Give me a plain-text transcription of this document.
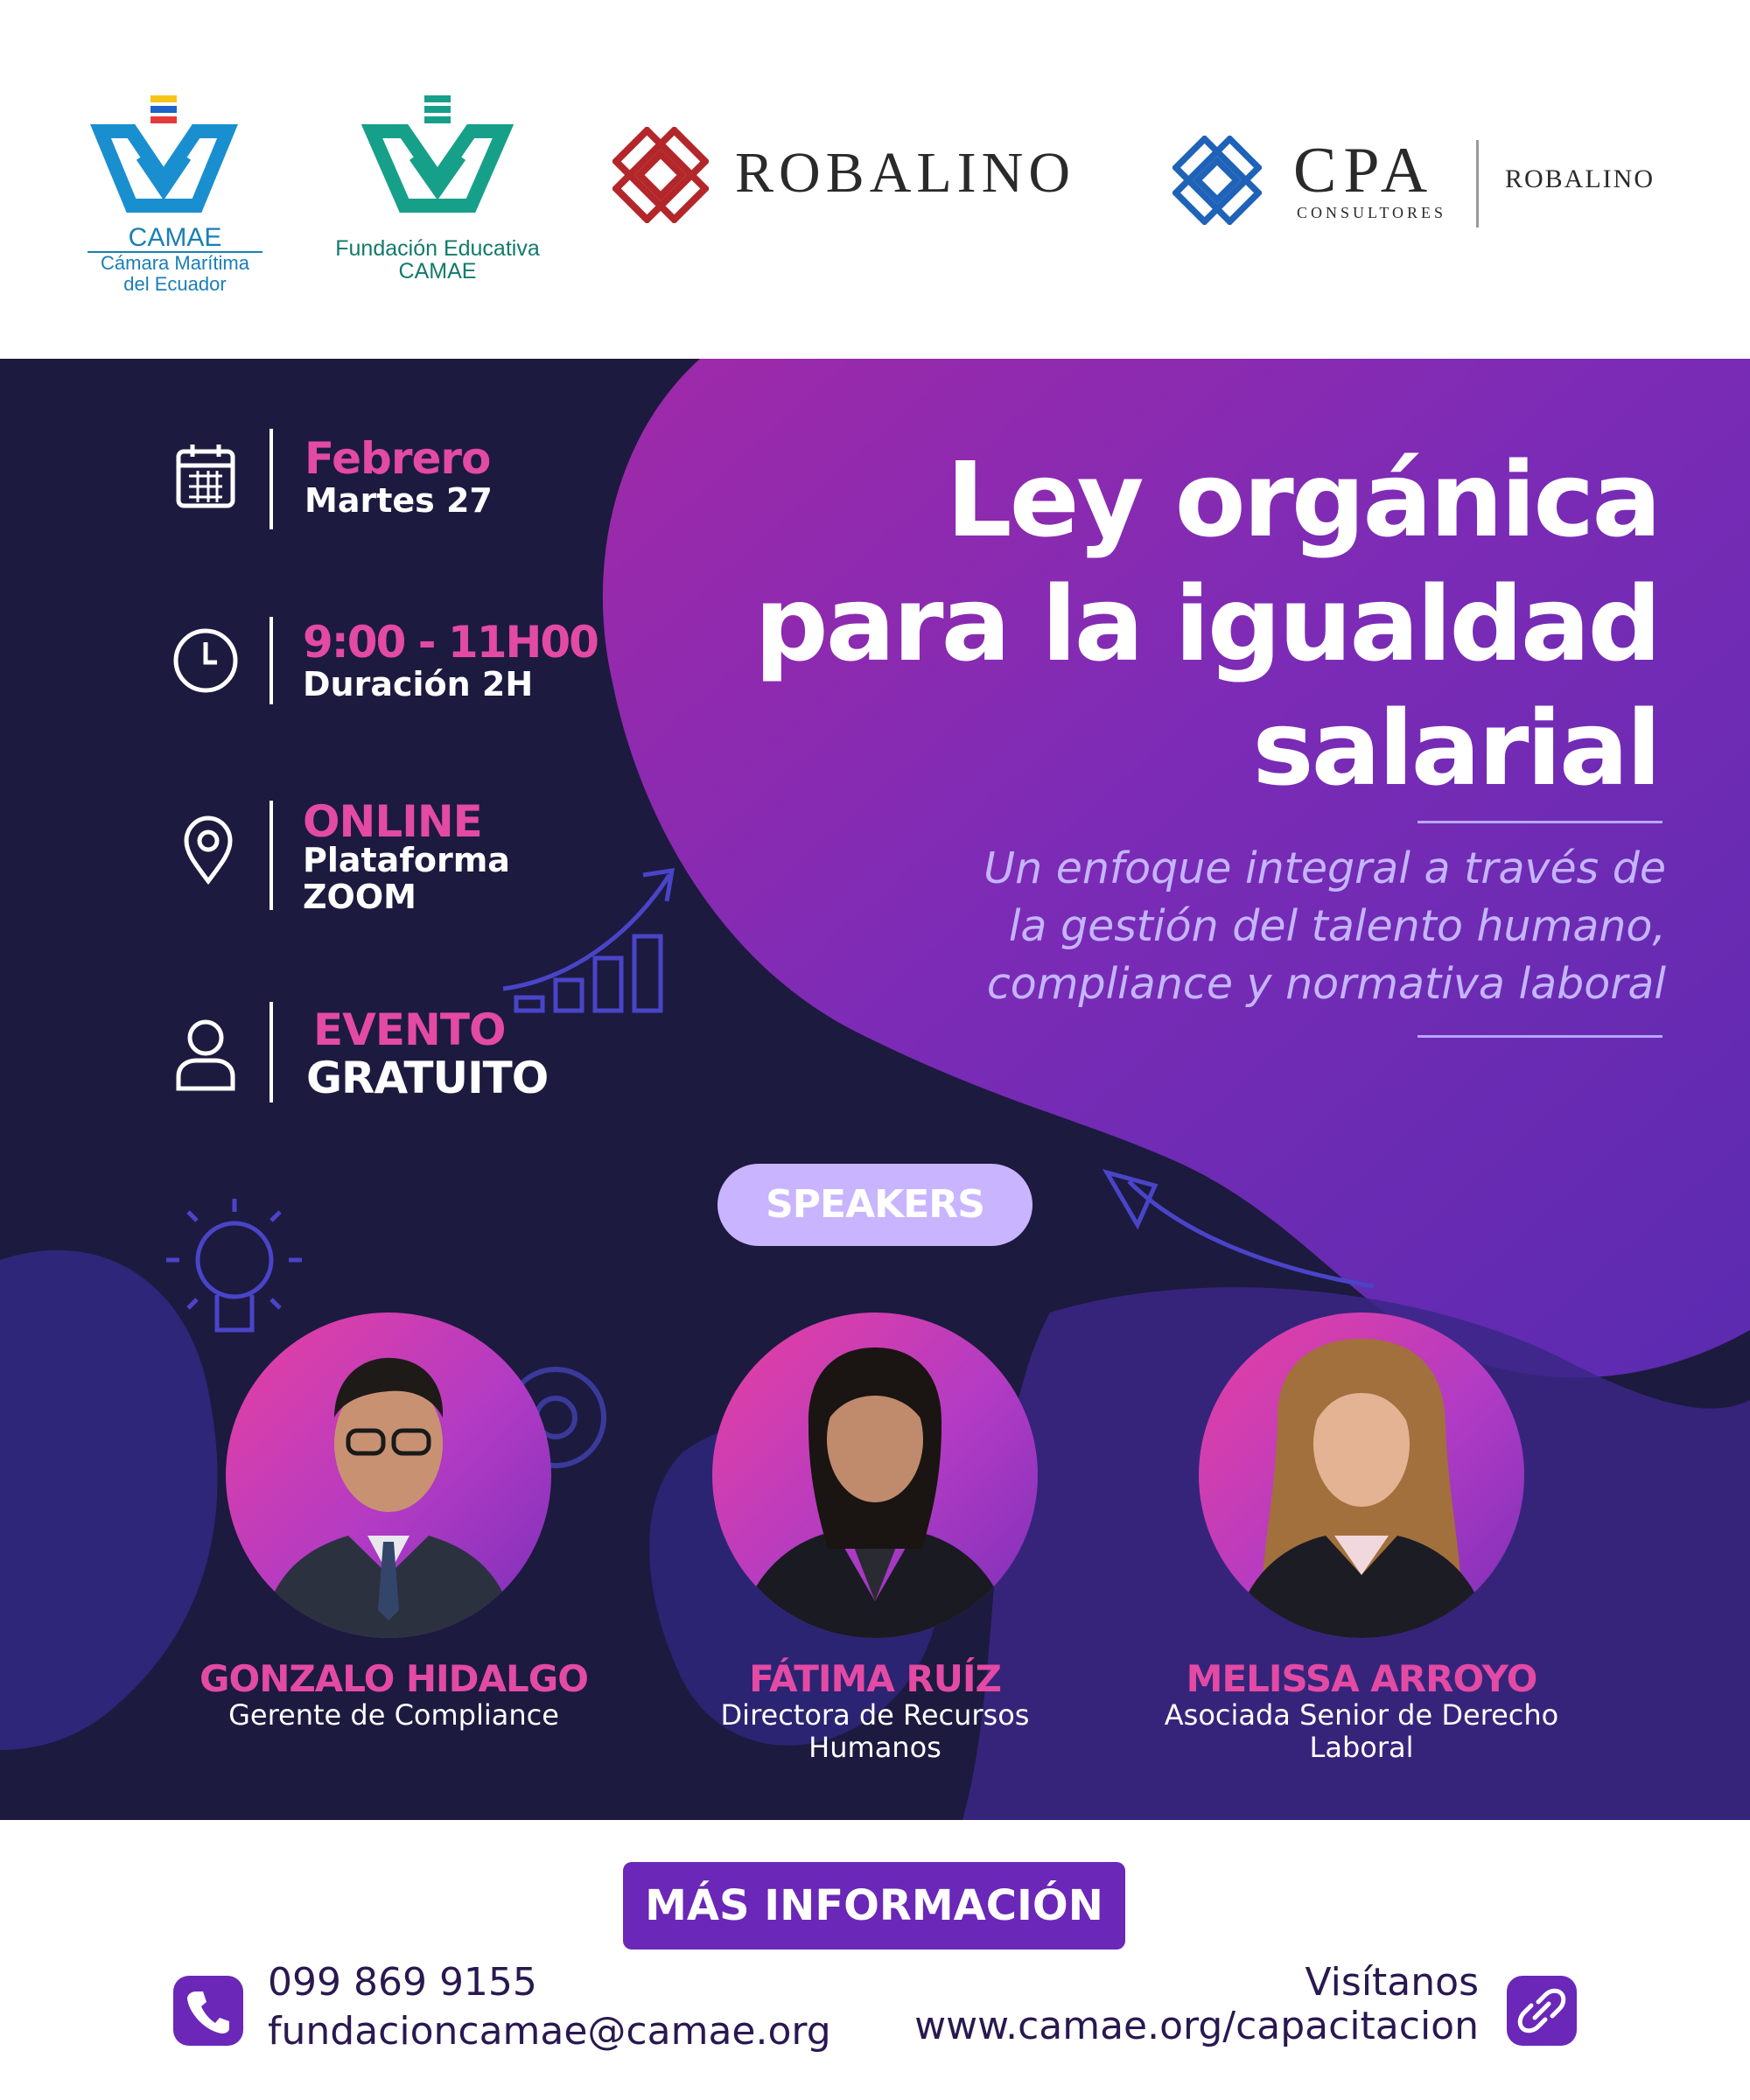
CAMAE
Cámara Marítima
del Ecuador
Fundación Educativa
CAMAE
ROBALINO	CPA
CONSULTORES
ROBALINO
Febrero
Martes 27
9:00 - 11H00
Duración 2H
ONLINE
Plataforma
ZOOM
EVENTO
GRATUITO
Ley orgánica
para la igualdad
salarial
Un enfoque integral a través de
la gestión del talento humano,
compliance y normativa laboral
SPEAKERS
GONZALO HIDALGO
Gerente de Compliance
FÁTIMA RUÍZ
Directora de Recursos
Humanos
MELISSA ARROYO
Asociada Senior de Derecho
Laboral
MÁS INFORMACIÓN
099 869 9155
fundacioncamae@camae.org
Visítanos
www.camae.org/capacitacion
